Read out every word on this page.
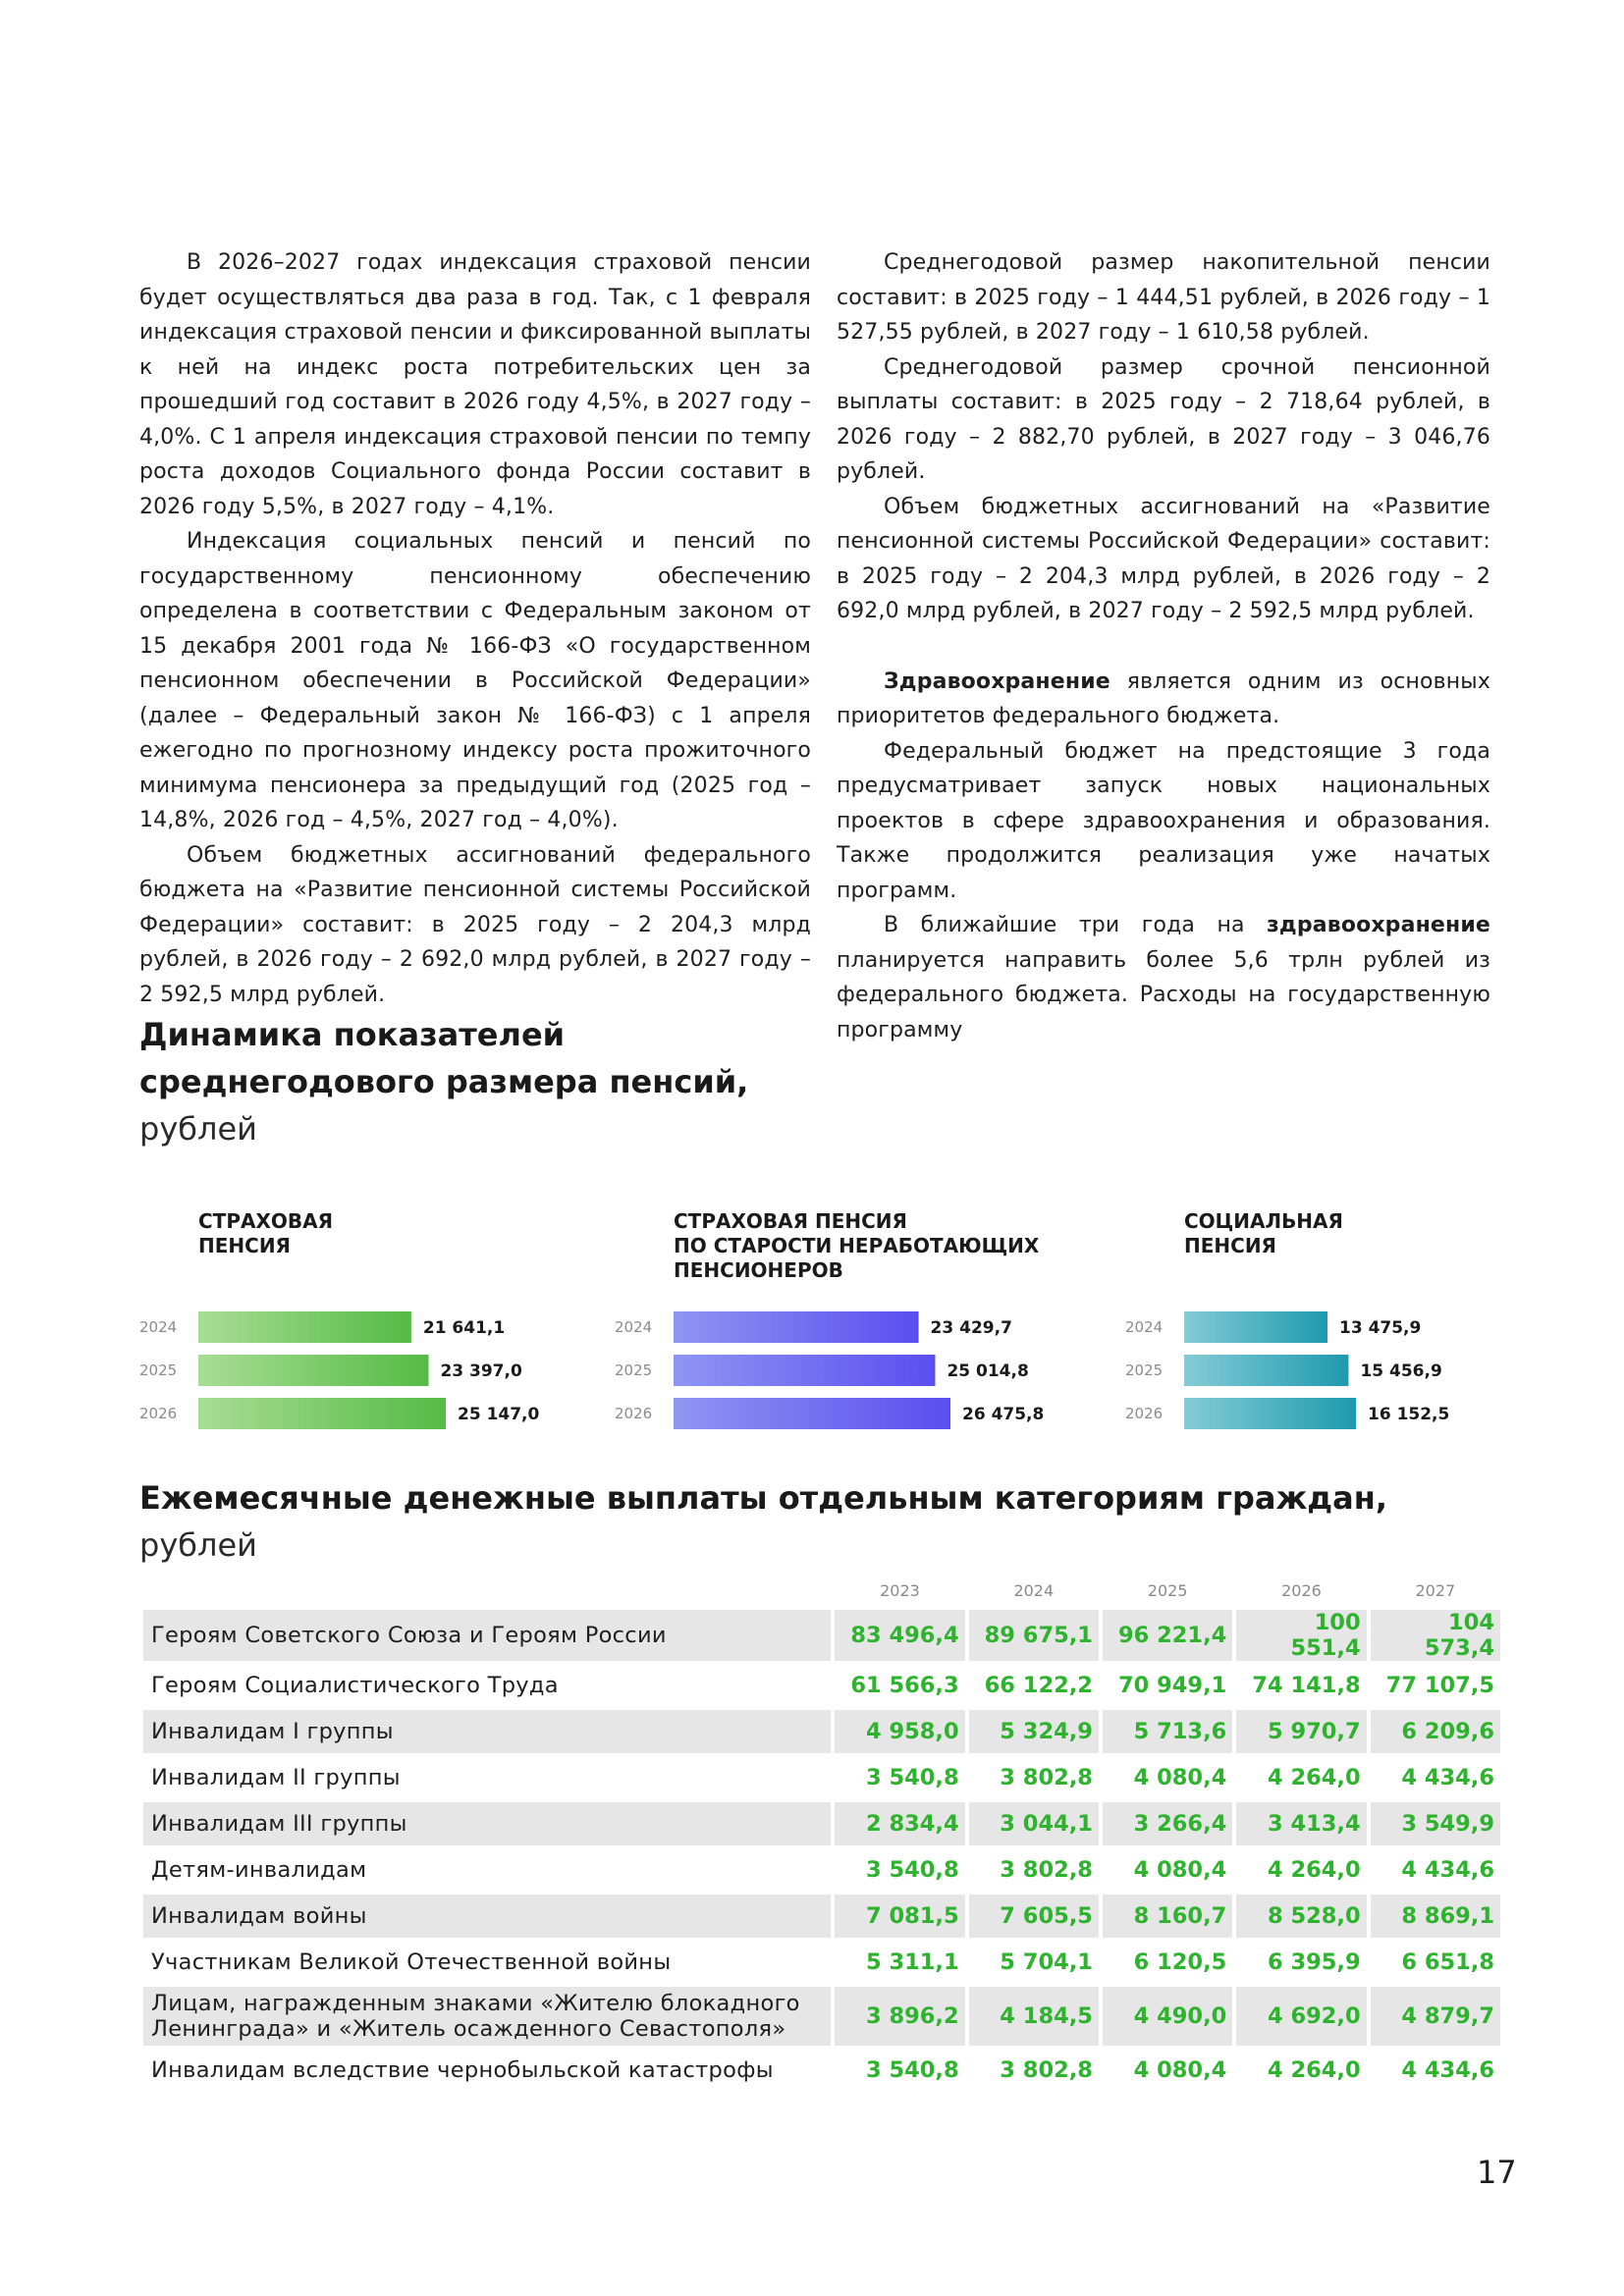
В 2026–2027 годах индексация страховой пенсии будет осуществляться два раза в год. Так, с 1 февраля индексация страховой пенсии и фиксированной выплаты к ней на индекс роста потребительских цен за прошедший год составит в 2026 году 4,5%, в 2027 году – 4,0%. С 1 апреля индексация страховой пенсии по темпу роста доходов Социального фонда России составит в 2026 году 5,5%, в 2027 году – 4,1%.

Индексация социальных пенсий и пенсий по государственному пенсионному обеспечению определена в соответствии с Федеральным законом от 15 декабря 2001 года № 166-ФЗ «О государственном пенсионном обеспечении в Российской Федерации» (далее – Федеральный закон № 166-ФЗ) с 1 апреля ежегодно по прогнозному индексу роста прожиточного минимума пенсионера за предыдущий год (2025 год – 14,8%, 2026 год – 4,5%, 2027 год – 4,0%).

Объем бюджетных ассигнований федерального бюджета на «Развитие пенсионной системы Российской Федерации» составит: в 2025 году – 2 204,3 млрд рублей, в 2026 году – 2 692,0 млрд рублей, в 2027 году – 2 592,5 млрд рублей.

Среднегодовой размер накопительной пенсии составит: в 2025 году – 1 444,51 рублей, в 2026 году – 1 527,55 рублей, в 2027 году – 1 610,58 рублей.

Среднегодовой размер срочной пенсионной выплаты составит: в 2025 году – 2 718,64 рублей, в 2026 году – 2 882,70 рублей, в 2027 году – 3 046,76 рублей.

Объем бюджетных ассигнований на «Развитие пенсионной системы Российской Федерации» составит: в 2025 году – 2 204,3 млрд рублей, в 2026 году – 2 692,0 млрд рублей, в 2027 году – 2 592,5 млрд рублей.

Здравоохранение является одним из основных приоритетов федерального бюджета.

Федеральный бюджет на предстоящие 3 года предусматривает запуск новых национальных проектов в сфере здравоохранения и образования. Также продолжится реализация уже начатых программ.

В ближайшие три года на здравоохранение планируется направить более 5,6 трлн рублей из федерального бюджета. Расходы на государственную программу

Динамика показателей
среднегодового размера пенсий,
рублей
СТРАХОВАЯ
ПЕНСИЯ
2024	21 641,1
2025	23 397,0
2026	25 147,0
СТРАХОВАЯ ПЕНСИЯ
ПО СТАРОСТИ НЕРАБОТАЮЩИХ
ПЕНСИОНЕРОВ
2024	23 429,7
2025	25 014,8
2026	26 475,8
СОЦИАЛЬНАЯ
ПЕНСИЯ
2024	13 475,9
2025	15 456,9
2026	16 152,5
Ежемесячные денежные выплаты отдельным категориям граждан,
рублей
	2023	2024	2025	2026	2027
Героям Советского Союза и Героям России	83 496,4	89 675,1	96 221,4	100 551,4	104 573,4
Героям Социалистического Труда	61 566,3	66 122,2	70 949,1	74 141,8	77 107,5
Инвалидам I группы	4 958,0	5 324,9	5 713,6	5 970,7	6 209,6
Инвалидам II группы	3 540,8	3 802,8	4 080,4	4 264,0	4 434,6
Инвалидам III группы	2 834,4	3 044,1	3 266,4	3 413,4	3 549,9
Детям-инвалидам	3 540,8	3 802,8	4 080,4	4 264,0	4 434,6
Инвалидам войны	7 081,5	7 605,5	8 160,7	8 528,0	8 869,1
Участникам Великой Отечественной войны	5 311,1	5 704,1	6 120,5	6 395,9	6 651,8
Лицам, награжденным знаками «Жителю блокадного Ленинграда» и «Житель осажденного Севастополя»	3 896,2	4 184,5	4 490,0	4 692,0	4 879,7
Инвалидам вследствие чернобыльской катастрофы	3 540,8	3 802,8	4 080,4	4 264,0	4 434,6
17
